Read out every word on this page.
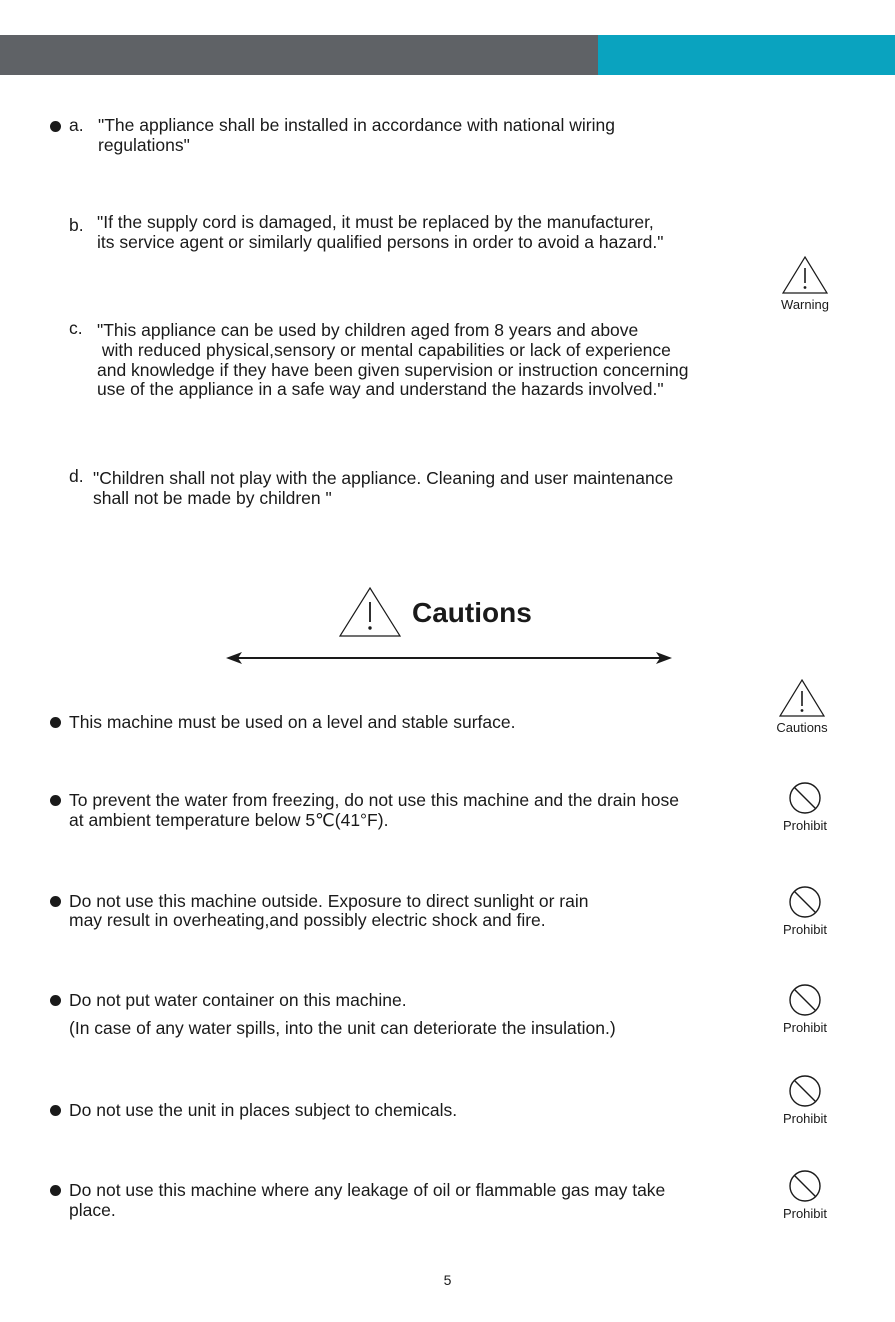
a. "The appliance shall be installed in accordance with national wiring

regulations"

b. "If the supply cord is damaged, it must be replaced by the manufacturer,

its service agent or similarly qualified persons in order to avoid a hazard."

Warning
c. "This appliance can be used by children aged from 8 years and above

with reduced physical,sensory or mental capabilities or lack of experience

and knowledge if they have been given supervision or instruction concerning

use of the appliance in a safe way and understand the hazards involved."

d. "Children shall not play with the appliance. Cleaning and user maintenance

shall not be made by children "

Cautions

This machine must be used on a level and stable surface.	Cautions

To prevent the water from freezing, do not use this machine and the drain hose

at ambient temperature below 5℃(41°F).	Prohibit

Do not use this machine outside. Exposure to direct sunlight or rain

may result in overheating,and possibly electric shock and fire.	Prohibit

Do not put water container on this machine.

(In case of any water spills, into the unit can deteriorate the insulation.)	Prohibit

Do not use the unit in places subject to chemicals.	Prohibit

Do not use this machine where any leakage of oil or flammable gas may take

place.	Prohibit
5
